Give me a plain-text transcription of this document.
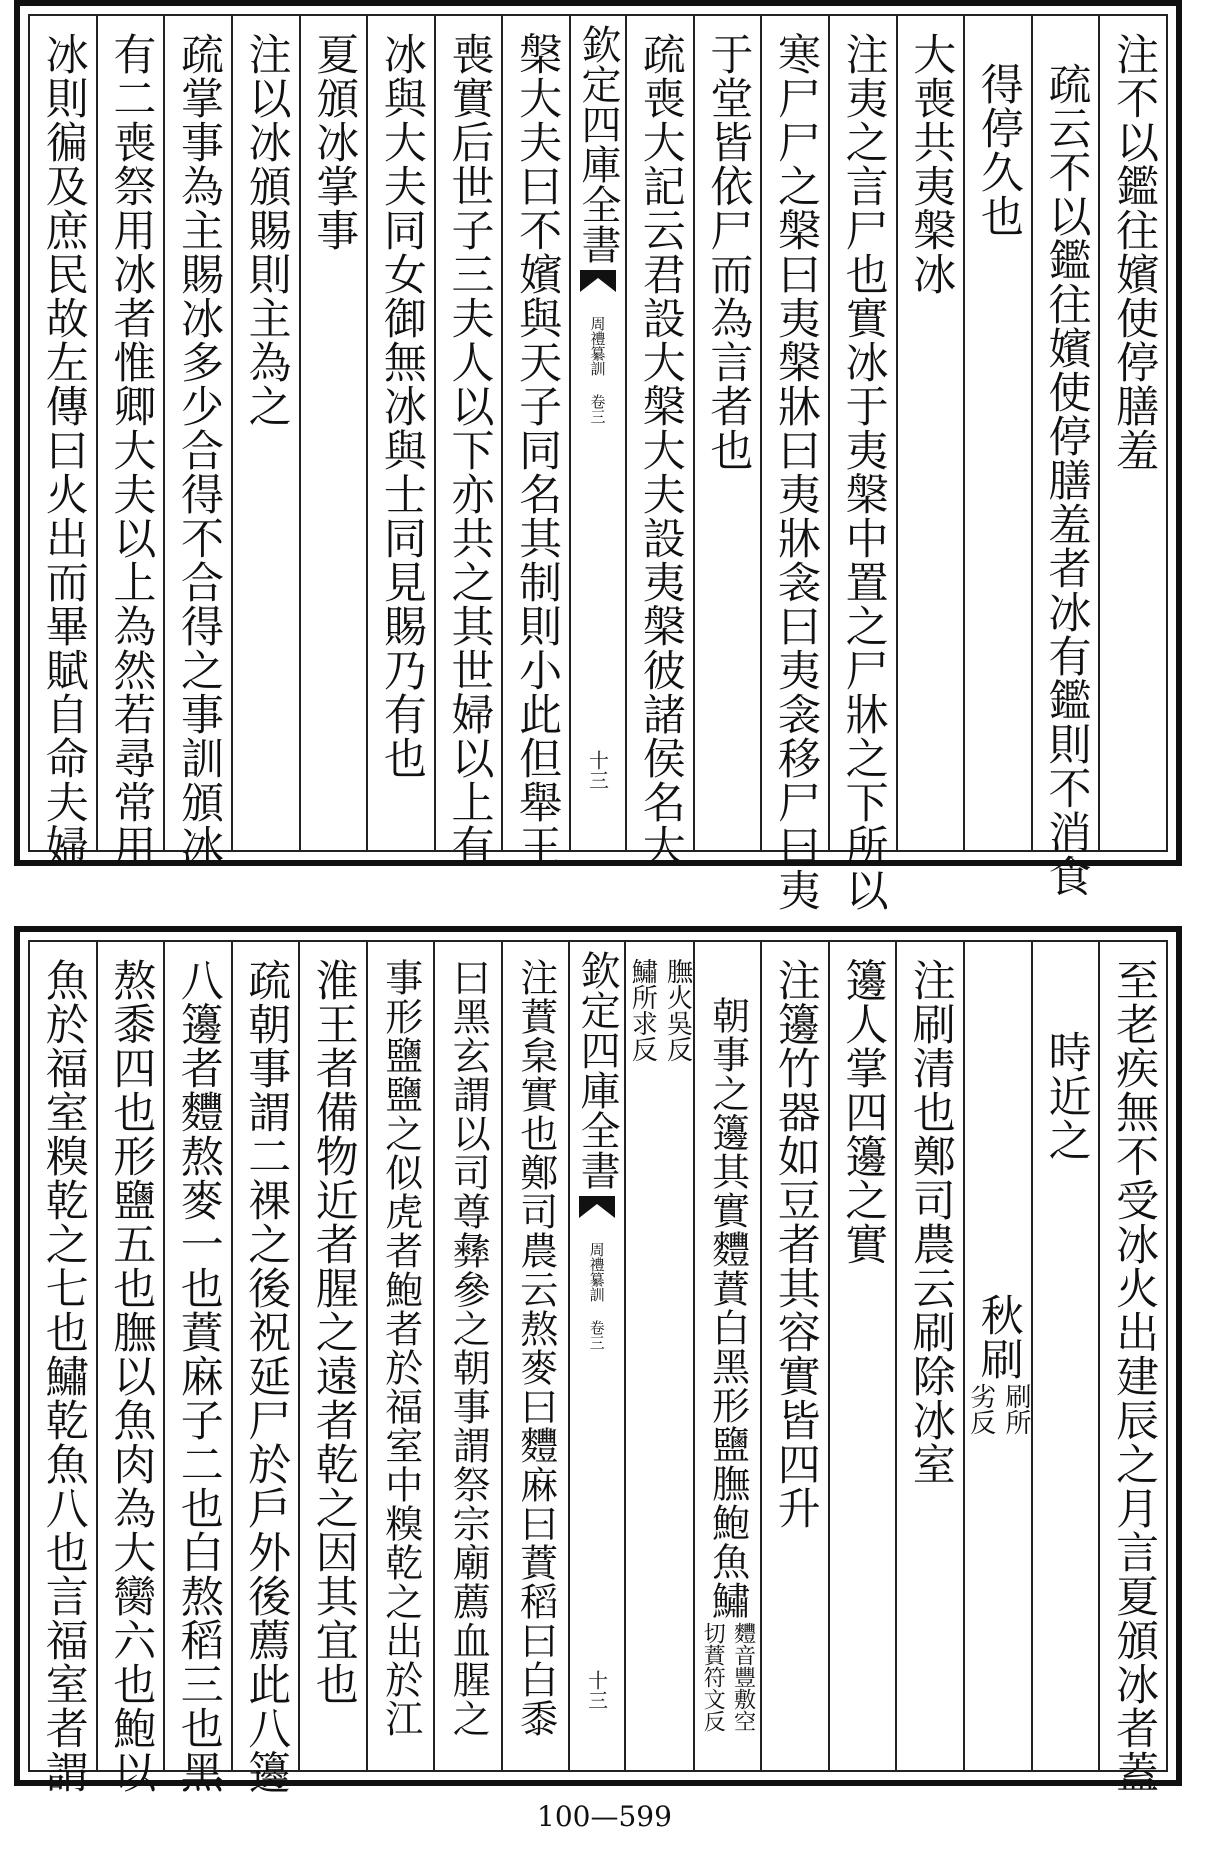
注不以鑑往嬪使停膳羞
疏云不以鑑往嬪使停膳羞者冰有鑑則不消食
得停久也
大喪共夷槃冰
注夷之言尸也實冰于夷槃中置之尸牀之下所以
寒尸尸之槃曰夷槃牀曰夷牀衾曰夷衾移尸曰夷
于堂皆依尸而為言者也
疏喪大記云君設大槃大夫設夷槃彼諸侯名大
欽定四庫全書
周禮纂訓
卷三
十三
槃大夫曰不嬪與天子同名其制則小此但舉王
喪實后世子三夫人以下亦共之其世婦以上有
冰與大夫同女御無冰與士同見賜乃有也
夏頒冰掌事
注以冰頒賜則主為之
疏掌事為主賜冰多少合得不合得之事訓頒冰
有二喪祭用冰者惟卿大夫以上為然若尋常用
冰則徧及庶民故左傳曰火出而畢賦自命夫婦
至老疾無不受冰火出建辰之月言夏頒冰者蓋
時近之
秋刷
刷所
劣反
注刷清也鄭司農云刷除冰室
籩人掌四籩之實
注籩竹器如豆者其容實皆四升
朝事之籩其實麷蕡白黑形鹽膴鮑魚鱐
麷音豐敷空
切蕡符文反
膴火吳反
鱐所求反
欽定四庫全書
周禮纂訓
卷三
十三
注蕡枲實也鄭司農云熬麥曰麷麻曰蕡稻曰白黍
曰黑玄謂以司尊彝參之朝事謂祭宗廟薦血腥之
事形鹽鹽之似虎者鮑者於福室中糗乾之出於江
淮王者備物近者腥之遠者乾之因其宜也
疏朝事謂二祼之後祝延尸於戶外後薦此八籩
八籩者麷熬麥一也蕡麻子二也白熬稻三也黑
熬黍四也形鹽五也膴以魚肉為大臠六也鮑以
魚於福室糗乾之七也鱐乾魚八也言福室者謂
100—599
